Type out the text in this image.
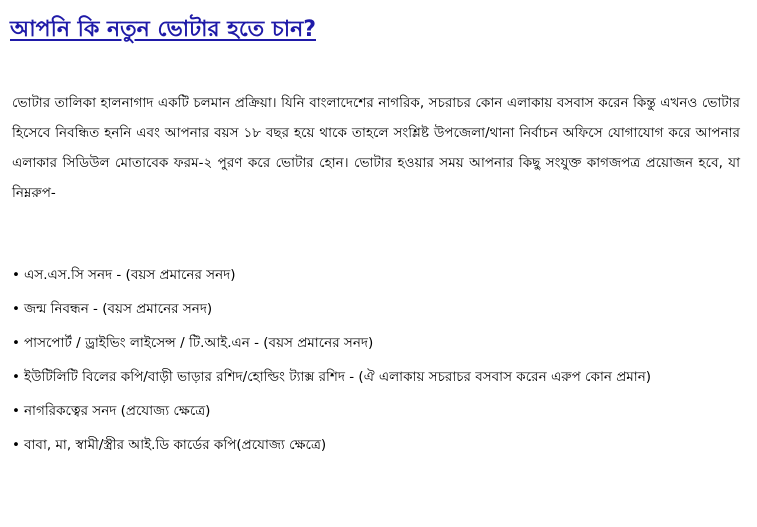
আপনি কি নতুন ভোটার হতে চান?

ভোটার তালিকা হালনাগাদ একটি চলমান প্রক্রিয়া। যিনি বাংলাদেশের নাগরিক, সচরাচর কোন এলাকায় বসবাস করেন কিন্তু এখনও ভোটার হিসেবে নিবন্ধিত হননি এবং আপনার বয়স ১৮ বছর হয়ে থাকে তাহলে সংশ্লিষ্ট উপজেলা/থানা নির্বাচন অফিসে যোগাযোগ করে আপনার এলাকার সিডিউল মোতাবেক ফরম-২ পুরণ করে ভোটার হোন। ভোটার হওয়ার সময় আপনার কিছু সংযুক্ত কাগজপত্র প্রয়োজন হবে, যা নিম্নরুপ-

• এস.এস.সি সনদ - (বয়স প্রমানের সনদ)
• জন্ম নিবন্ধন - (বয়স প্রমানের সনদ)
• পাসপোর্ট / ড্রাইভিং লাইসেন্স / টি.আই.এন - (বয়স প্রমানের সনদ)
• ইউটিলিটি বিলের কপি/বাড়ী ভাড়ার রশিদ/হোল্ডিং ট্যাক্স রশিদ - (ঐ এলাকায় সচরাচর বসবাস করেন এরুপ কোন প্রমান)
• নাগরিকত্বের সনদ (প্রযোজ্য ক্ষেত্রে)
• বাবা, মা, স্বামী/স্ত্রীর আই.ডি কার্ডের কপি(প্রযোজ্য ক্ষেত্রে)
